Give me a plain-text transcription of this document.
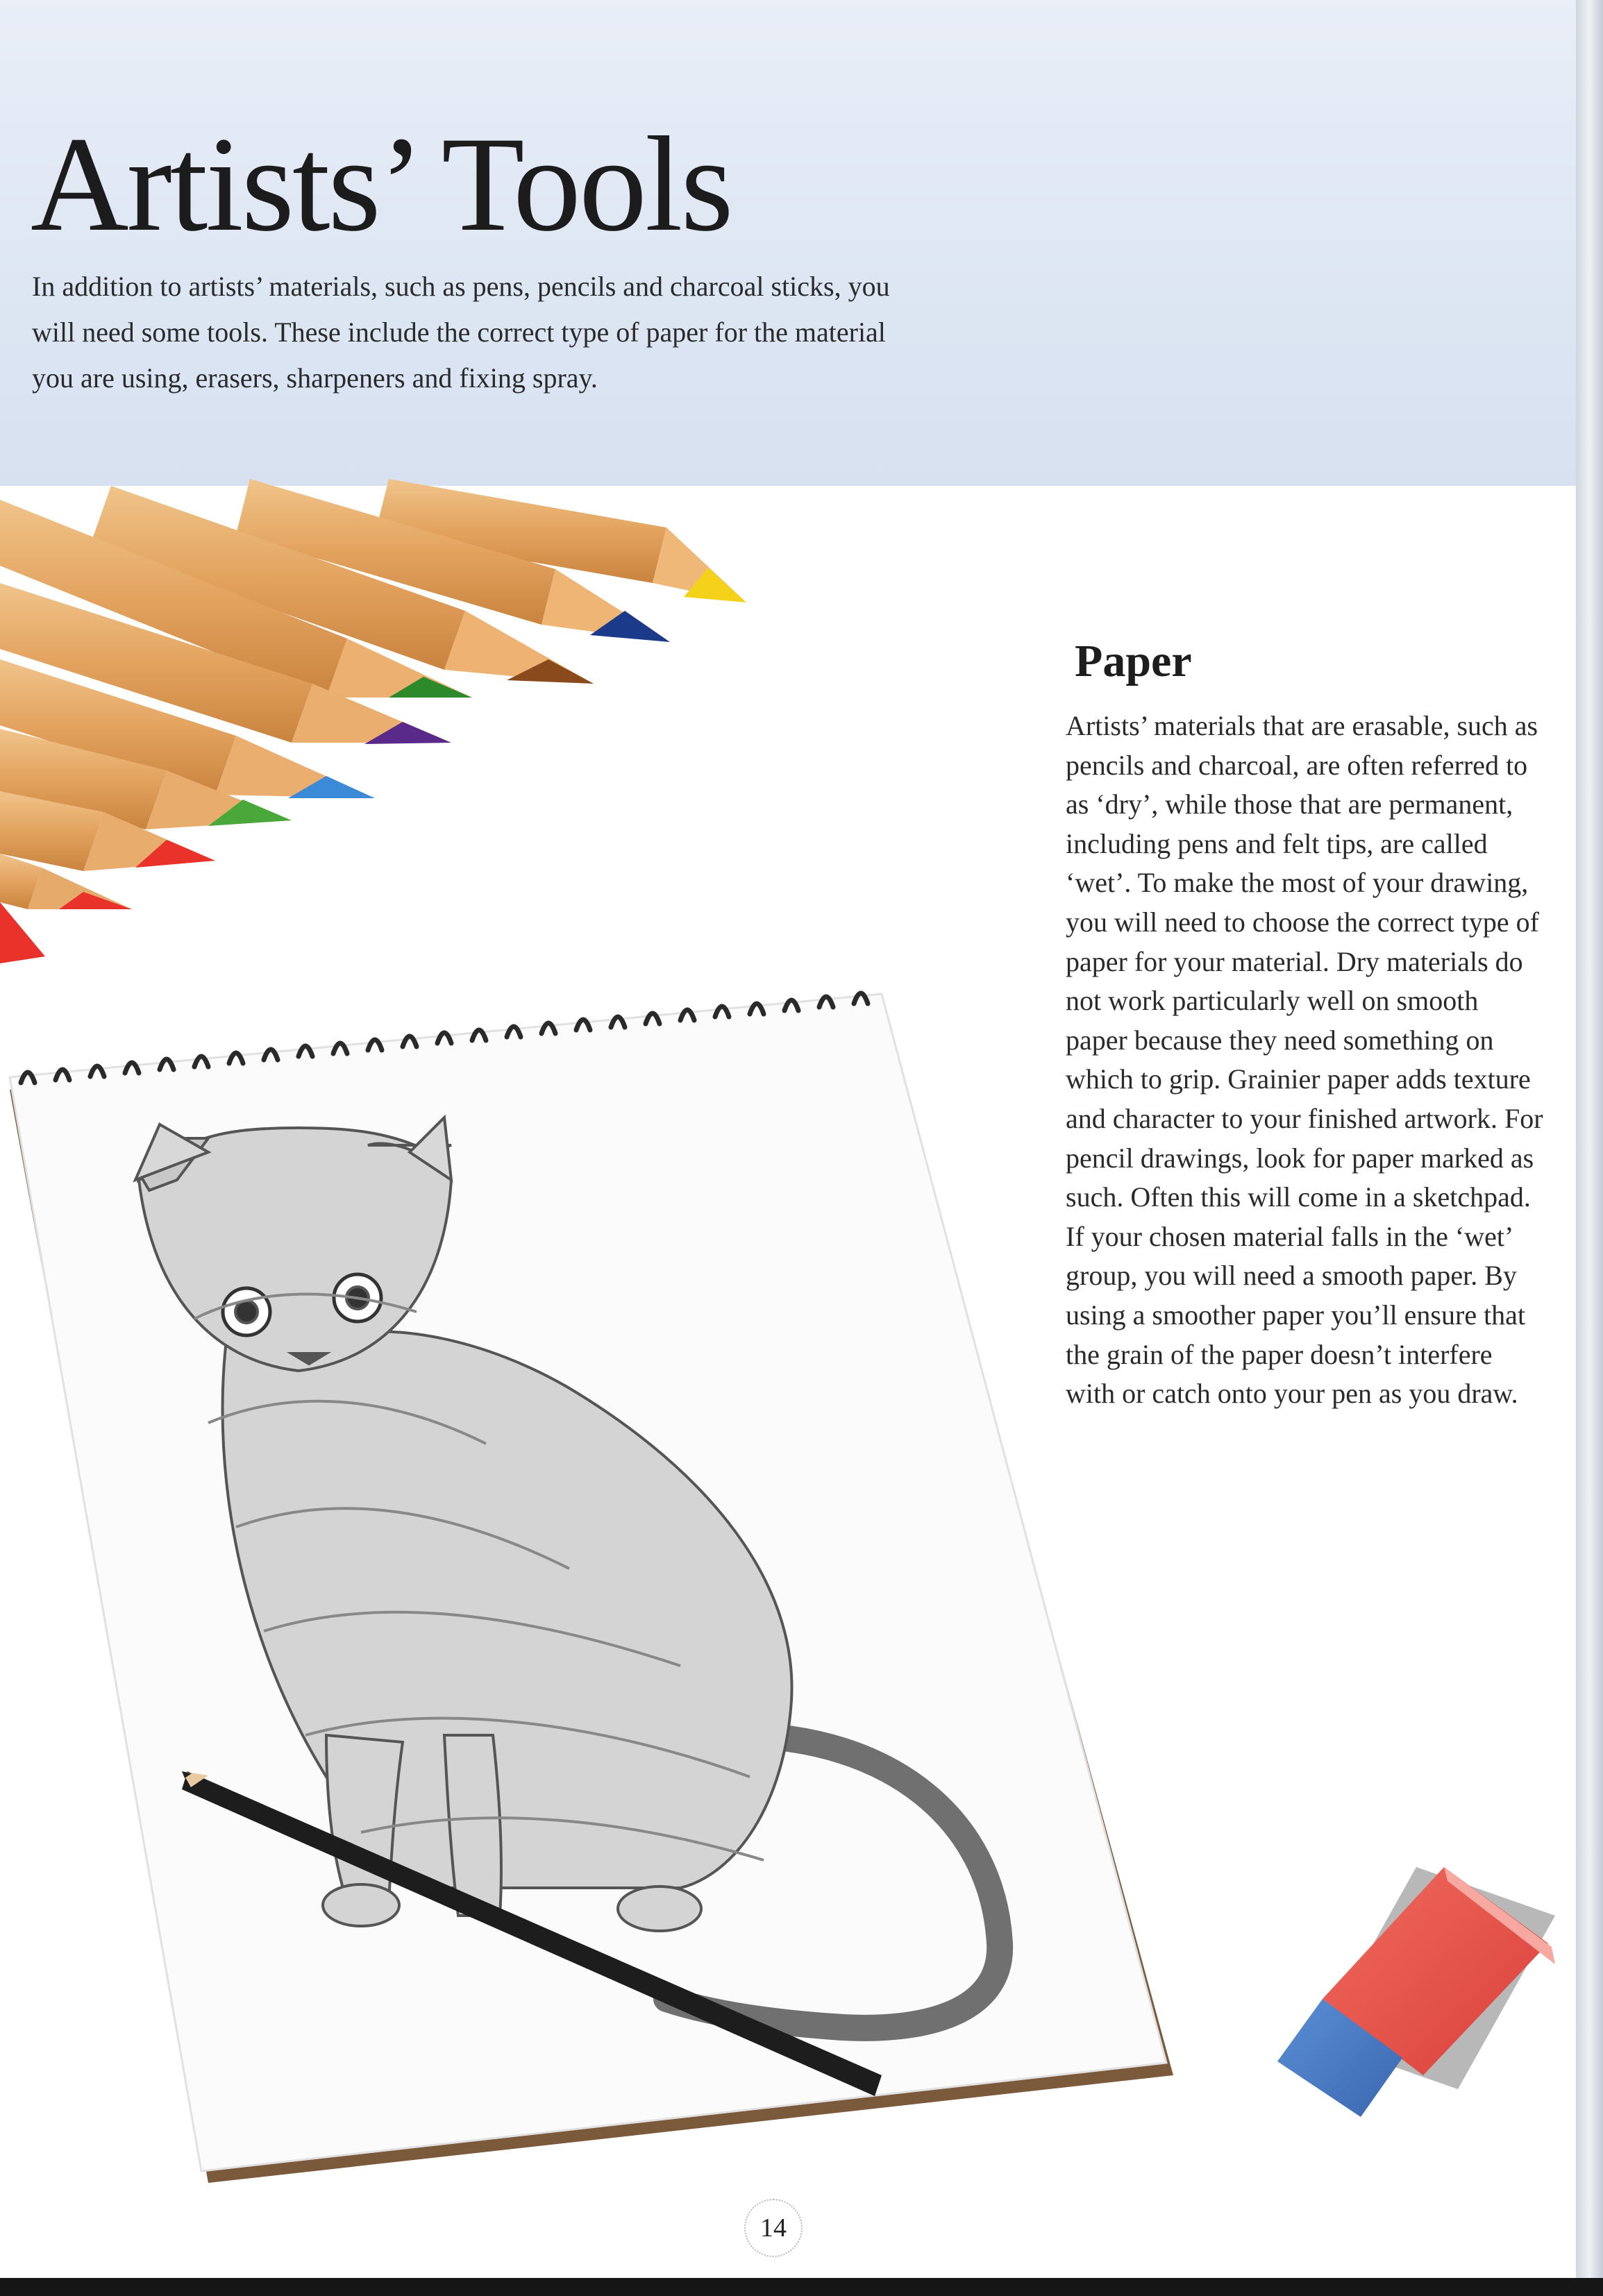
Artists’ Tools

In addition to artists’ materials, such as pens, pencils and charcoal sticks, you will need some tools. These include the correct type of paper for the material you are using, erasers, sharpeners and fixing spray.

Paper

Artists’ materials that are erasable, such as pencils and charcoal, are often referred to as ‘dry’, while those that are permanent, including pens and felt tips, are called ‘wet’. To make the most of your drawing, you will need to choose the correct type of paper for your material. Dry materials do not work particularly well on smooth paper because they need something on which to grip. Grainier paper adds texture and character to your finished artwork. For pencil drawings, look for paper marked as such. Often this will come in a sketchpad. If your chosen material falls in the ‘wet’ group, you will need a smooth paper. By using a smoother paper you’ll ensure that the grain of the paper doesn’t interfere with or catch onto your pen as you draw.

14
